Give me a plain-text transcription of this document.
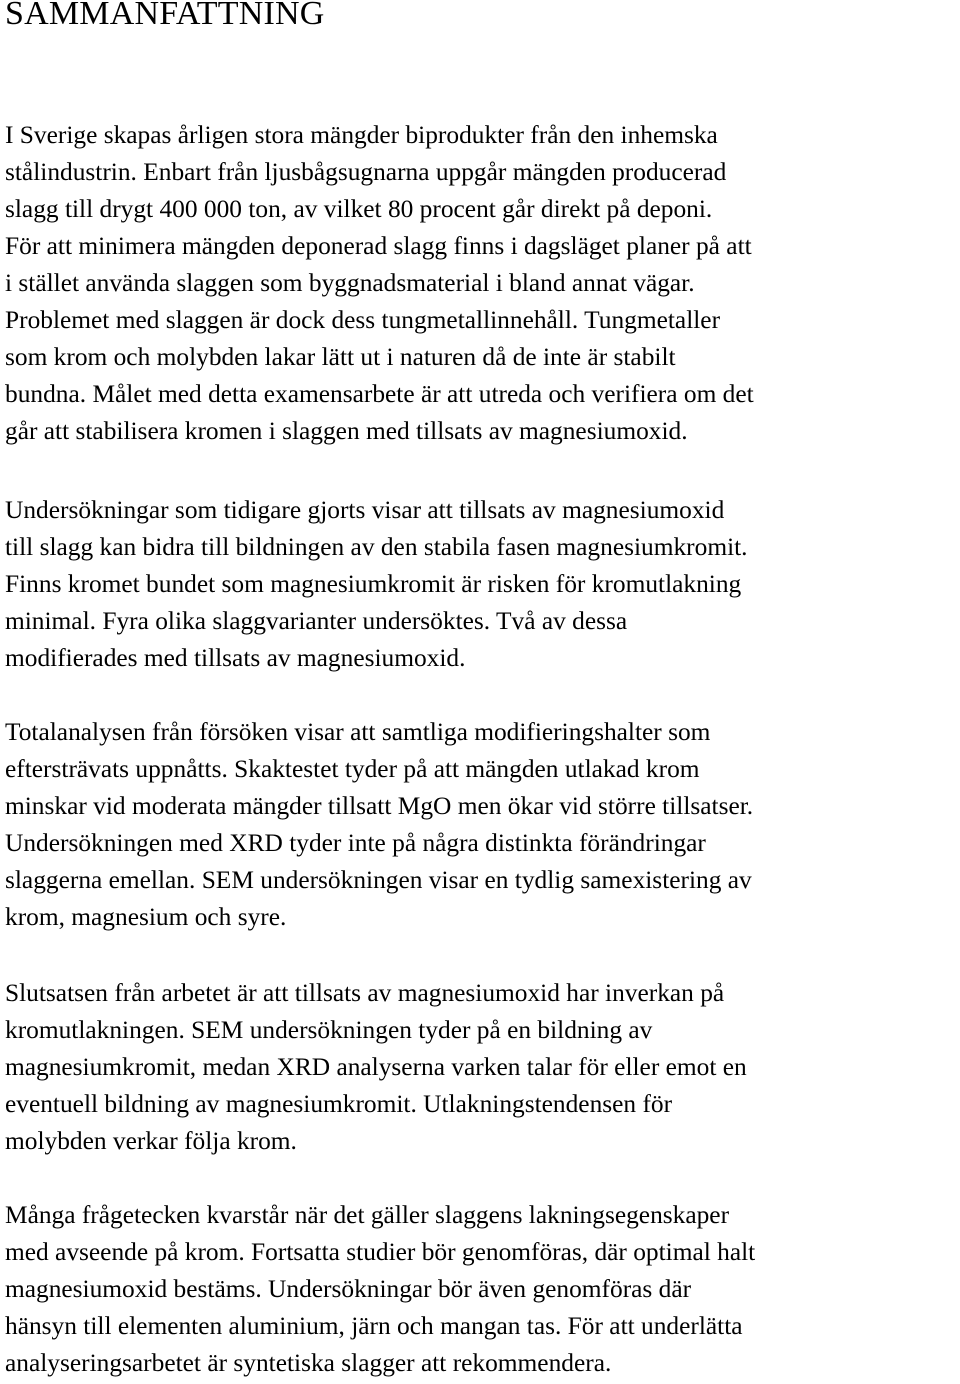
SAMMANFATTNING

I Sverige skapas årligen stora mängder biprodukter från den inhemska
stålindustrin. Enbart från ljusbågsugnarna uppgår mängden producerad
slagg till drygt 400 000 ton, av vilket 80 procent går direkt på deponi.
För att minimera mängden deponerad slagg finns i dagsläget planer på att
i stället använda slaggen som byggnadsmaterial i bland annat vägar.
Problemet med slaggen är dock dess tungmetallinnehåll. Tungmetaller
som krom och molybden lakar lätt ut i naturen då de inte är stabilt
bundna. Målet med detta examensarbete är att utreda och verifiera om det
går att stabilisera kromen i slaggen med tillsats av magnesiumoxid.

Undersökningar som tidigare gjorts visar att tillsats av magnesiumoxid
till slagg kan bidra till bildningen av den stabila fasen magnesiumkromit.
Finns kromet bundet som magnesiumkromit är risken för kromutlakning
minimal. Fyra olika slaggvarianter undersöktes. Två av dessa
modifierades med tillsats av magnesiumoxid.

Totalanalysen från försöken visar att samtliga modifieringshalter som
eftersträvats uppnåtts. Skaktestet tyder på att mängden utlakad krom
minskar vid moderata mängder tillsatt MgO men ökar vid större tillsatser.
Undersökningen med XRD tyder inte på några distinkta förändringar
slaggerna emellan. SEM undersökningen visar en tydlig samexistering av
krom, magnesium och syre.

Slutsatsen från arbetet är att tillsats av magnesiumoxid har inverkan på
kromutlakningen. SEM undersökningen tyder på en bildning av
magnesiumkromit, medan XRD analyserna varken talar för eller emot en
eventuell bildning av magnesiumkromit. Utlakningstendensen för
molybden verkar följa krom.

Många frågetecken kvarstår när det gäller slaggens lakningsegenskaper
med avseende på krom. Fortsatta studier bör genomföras, där optimal halt
magnesiumoxid bestäms. Undersökningar bör även genomföras där
hänsyn till elementen aluminium, järn och mangan tas. För att underlätta
analyseringsarbetet är syntetiska slagger att rekommendera.
